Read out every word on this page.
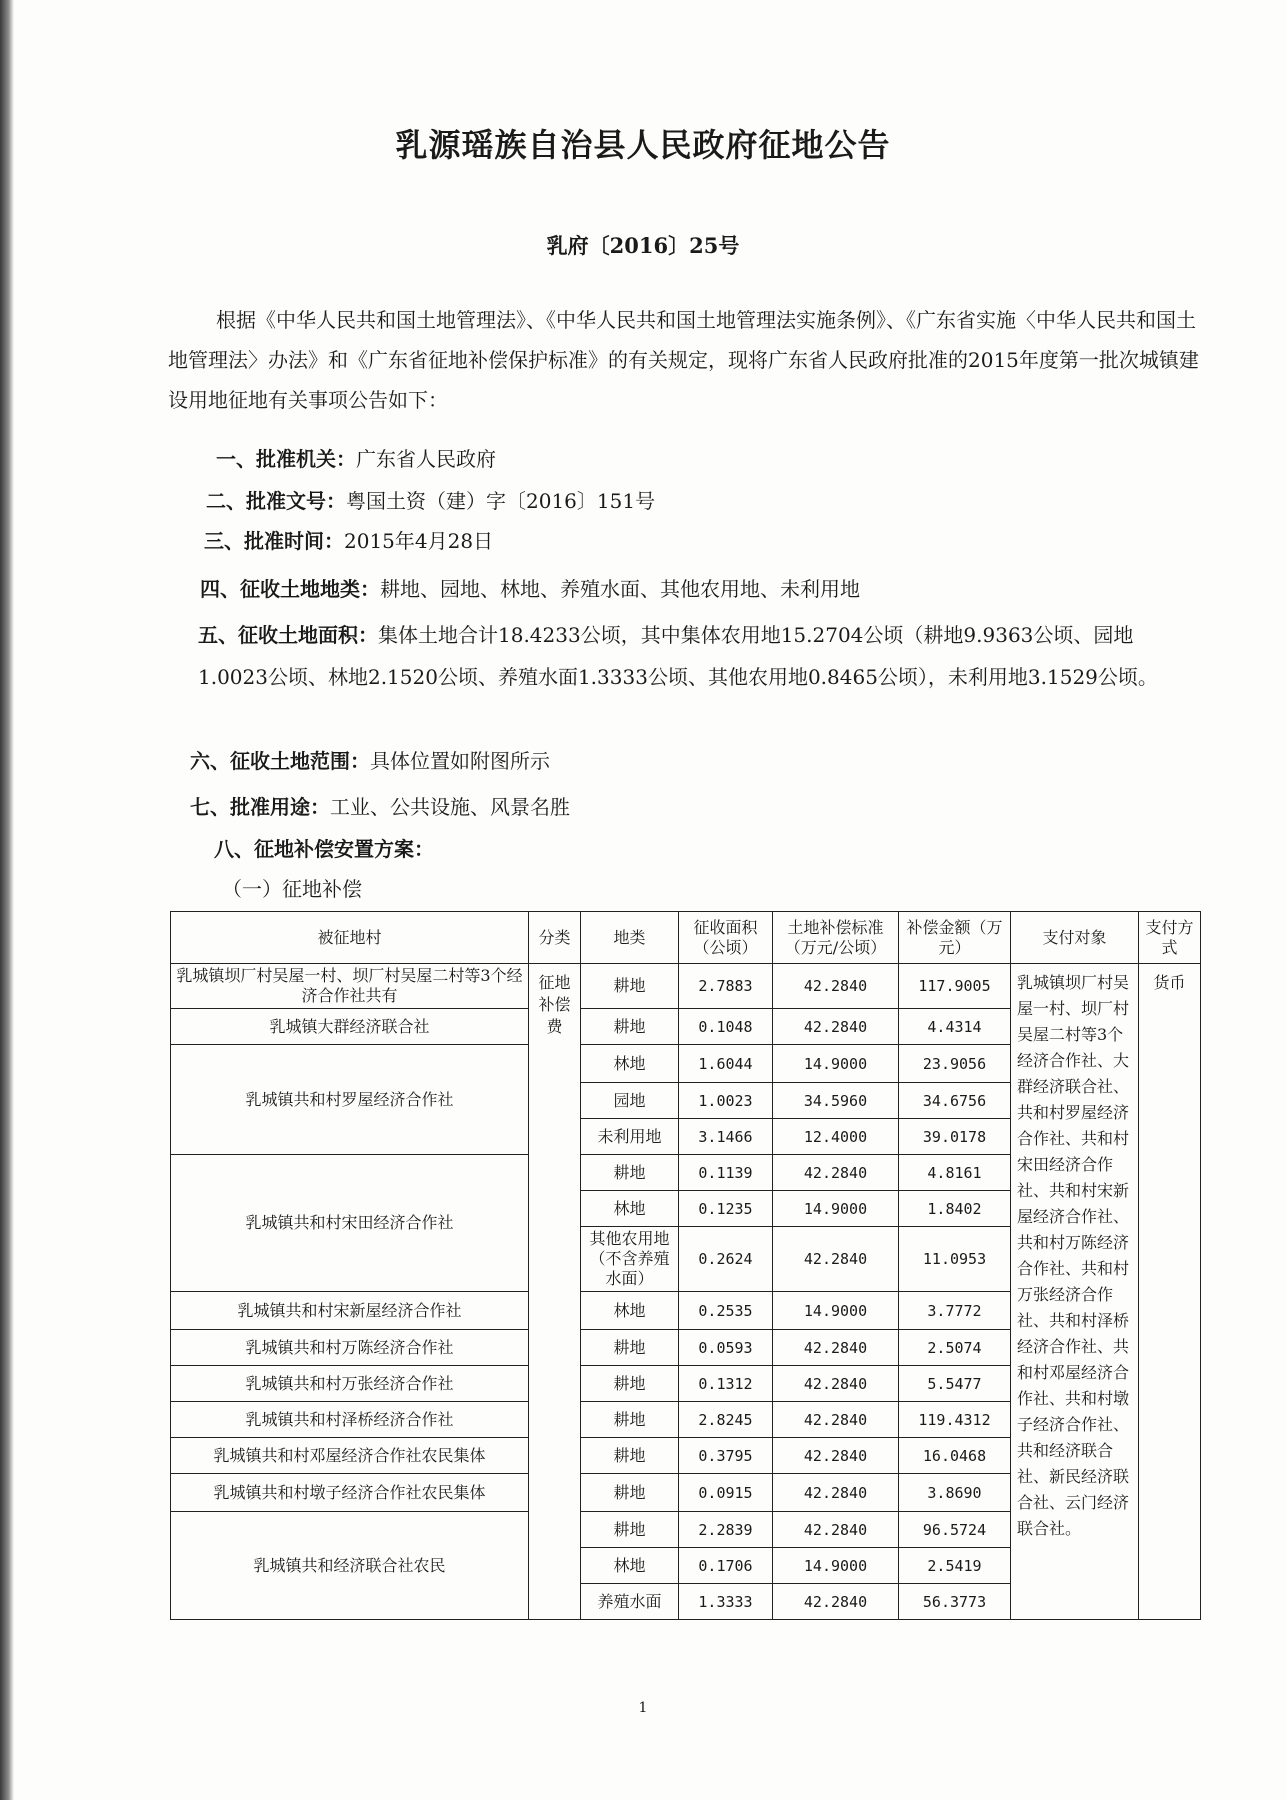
乳源瑶族自治县人民政府征地公告
乳府〔2016〕25号
根据《中华人民共和国土地管理法》、《中华人民共和国土地管理法实施条例》、《广东省实施〈中华人民共和国土地管理法〉办法》和《广东省征地补偿保护标准》的有关规定，现将广东省人民政府批准的2015年度第一批次城镇建设用地征地有关事项公告如下：
一、批准机关：广东省人民政府
二、批准文号：粤国土资（建）字〔2016〕151号
三、批准时间：2015年4月28日
四、征收土地地类：耕地、园地、林地、养殖水面、其他农用地、未利用地
五、征收土地面积：集体土地合计18.4233公顷，其中集体农用地15.2704公顷（耕地9.9363公顷、园地1.0023公顷、林地2.1520公顷、养殖水面1.3333公顷、其他农用地0.8465公顷），未利用地3.1529公顷。
六、征收土地范围：具体位置如附图所示
七、批准用途：工业、公共设施、风景名胜
八、征地补偿安置方案：
（一）征地补偿
被征地村	分类	地类	征收面积（公顷）	土地补偿标准（万元/公顷）	补偿金额（万元）	支付对象	支付方式
乳城镇坝厂村吴屋一村、坝厂村吴屋二村等3个经济合作社共有	征地补偿费	耕地	2.7883	42.2840	117.9005	乳城镇坝厂村吴屋一村、坝厂村吴屋二村等3个经济合作社、大群经济联合社、共和村罗屋经济合作社、共和村宋田经济合作社、共和村宋新屋经济合作社、共和村万陈经济合作社、共和村万张经济合作社、共和村泽桥经济合作社、共和村邓屋经济合作社、共和村墩子经济合作社、共和经济联合社、新民经济联合社、云门经济联合社。	货币
乳城镇大群经济联合社		耕地	0.1048	42.2840	4.4314		
乳城镇共和村罗屋经济合作社		林地	1.6044	14.9000	23.9056		
		园地	1.0023	34.5960	34.6756		
		未利用地	3.1466	12.4000	39.0178		
乳城镇共和村宋田经济合作社		耕地	0.1139	42.2840	4.8161		
		林地	0.1235	14.9000	1.8402		
		其他农用地（不含养殖水面）	0.2624	42.2840	11.0953		
乳城镇共和村宋新屋经济合作社		林地	0.2535	14.9000	3.7772		
乳城镇共和村万陈经济合作社		耕地	0.0593	42.2840	2.5074		
乳城镇共和村万张经济合作社		耕地	0.1312	42.2840	5.5477		
乳城镇共和村泽桥经济合作社		耕地	2.8245	42.2840	119.4312		
乳城镇共和村邓屋经济合作社农民集体		耕地	0.3795	42.2840	16.0468		
乳城镇共和村墩子经济合作社农民集体		耕地	0.0915	42.2840	3.8690		
乳城镇共和经济联合社农民		耕地	2.2839	42.2840	96.5724		
		林地	0.1706	14.9000	2.5419		
		养殖水面	1.3333	42.2840	56.3773		
1
